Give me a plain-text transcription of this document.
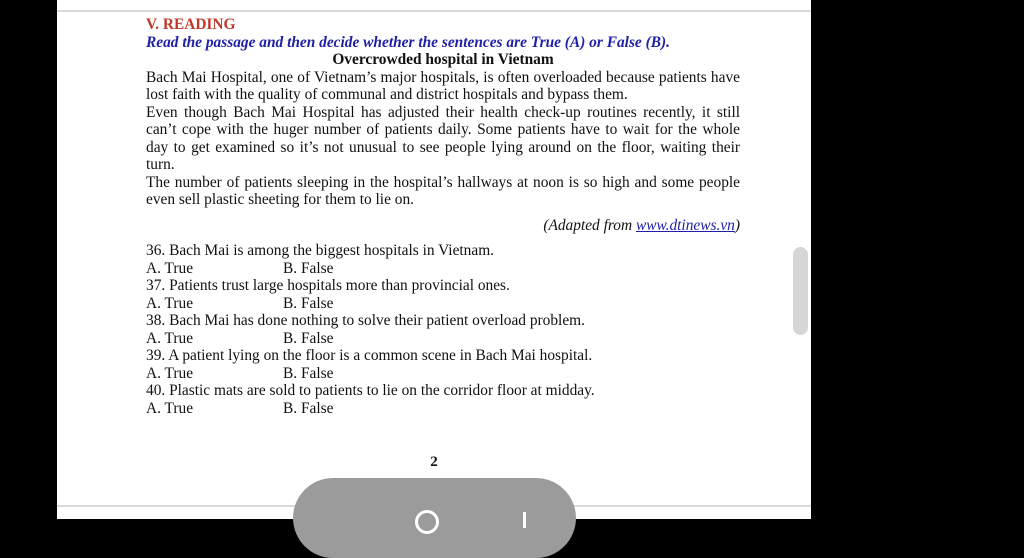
V. READING

Read the passage and then decide whether the sentences are True (A) or False (B).

Overcrowded hospital in Vietnam

Bach Mai Hospital, one of Vietnam’s major hospitals, is often overloaded because patients have lost faith with the quality of communal and district hospitals and bypass them.

Even though Bach Mai Hospital has adjusted their health check-up routines recently, it still can’t cope with the huger number of patients daily. Some patients have to wait for the whole day to get examined so it’s not unusual to see people lying around on the floor, waiting their turn.

The number of patients sleeping in the hospital’s hallways at noon is so high and some people even sell plastic sheeting for them to lie on.

(Adapted from www.dtinews.vn)

36. Bach Mai is among the biggest hospitals in Vietnam.

A. True	B. False

37. Patients trust large hospitals more than provincial ones.

A. True	B. False

38. Bach Mai has done nothing to solve their patient overload problem.

A. True	B. False

39. A patient lying on the floor is a common scene in Bach Mai hospital.

A. True	B. False

40. Plastic mats are sold to patients to lie on the corridor floor at midday.

A. True	B. False
2
